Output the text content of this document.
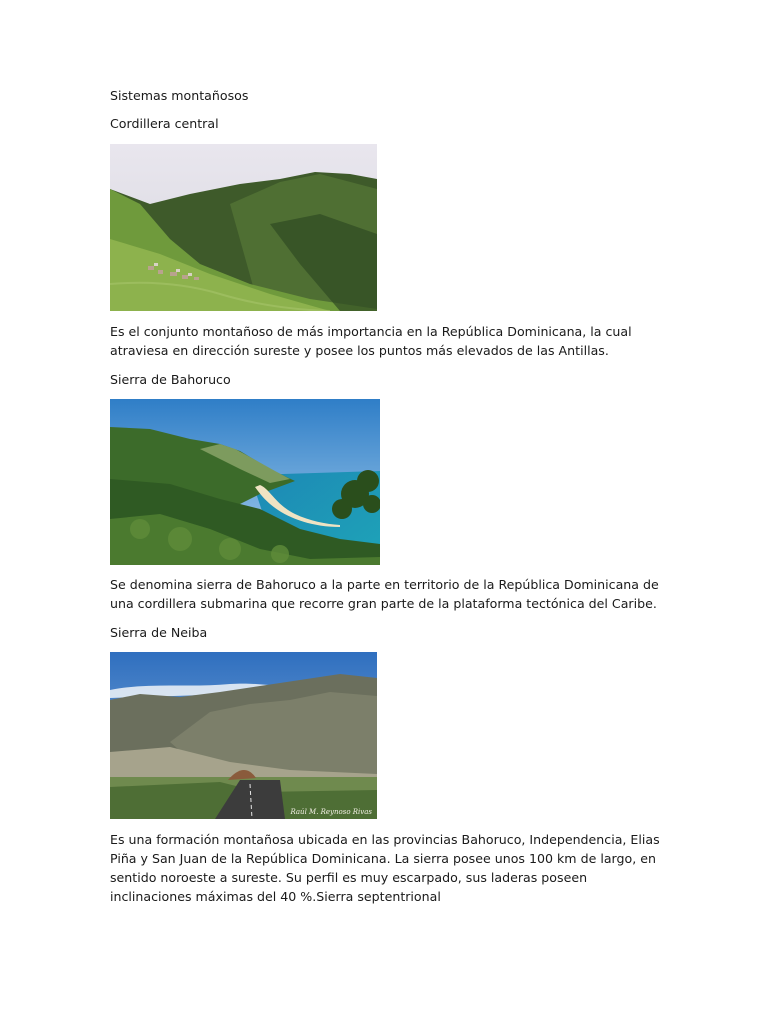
Sistemas montañosos
Cordillera central
Es el conjunto montañoso de más importancia en la República Dominicana, la cual atraviesa en dirección sureste y posee los puntos más elevados de las Antillas.
Sierra de Bahoruco
Se denomina sierra de Bahoruco a la parte en territorio de la República Dominicana de una cordillera submarina que recorre gran parte de la plataforma tectónica del Caribe.
Sierra de Neiba
Raúl M. Reynoso Rivas
Es una formación montañosa ubicada en las provincias Bahoruco, Independencia, Elias Piña y San Juan de la República Dominicana. La sierra posee unos 100 km de largo, en sentido noroeste a sureste. Su perfil es muy escarpado, sus laderas poseen inclinaciones máximas del 40 %.Sierra septentrional
